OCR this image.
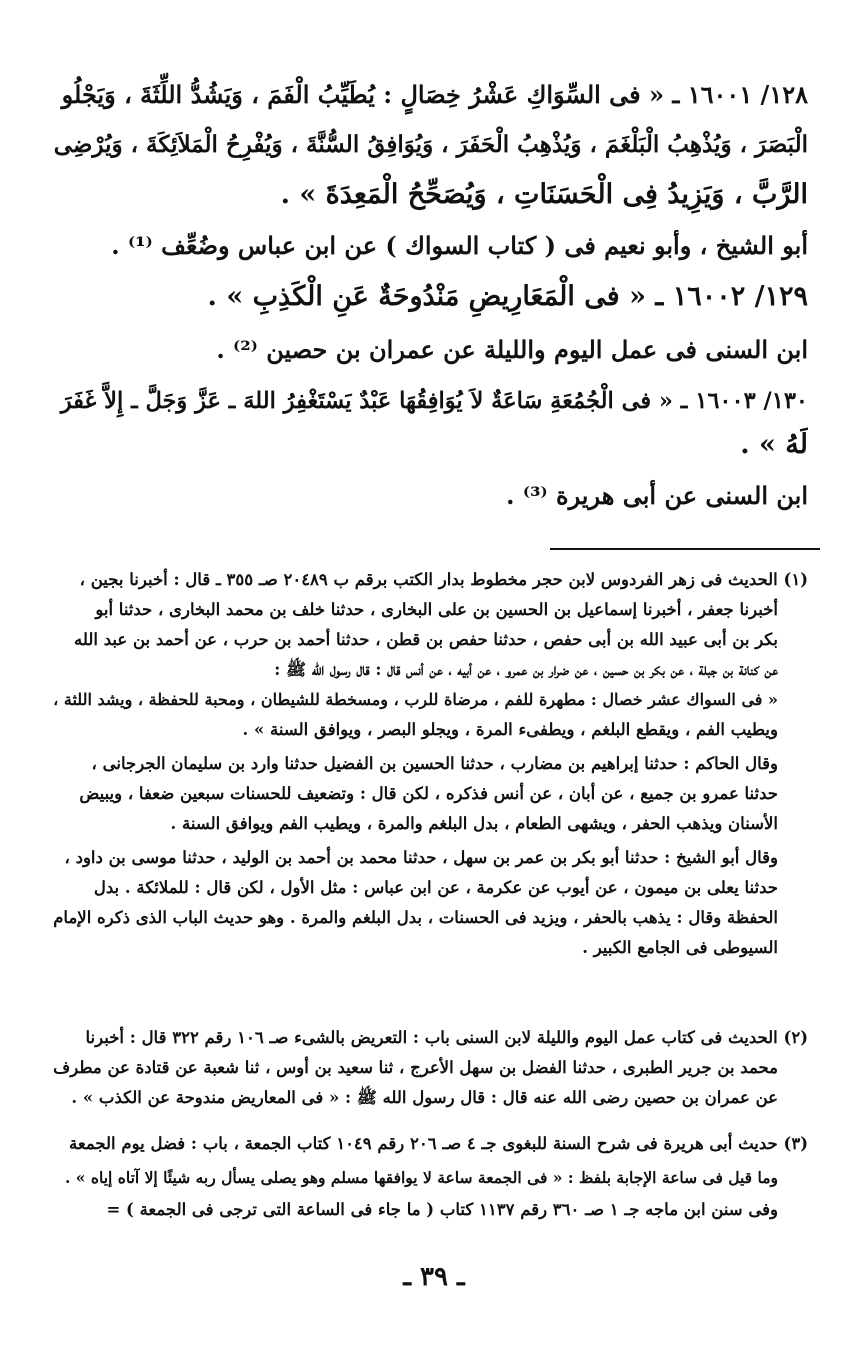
١٢٨/ ١٦٠٠١ ـ « فى السِّوَاكِ عَشْرُ خِصَالٍ : يُطَيِّبُ الْفَمَ ، وَيَشُدُّ اللِّثَةَ ، وَيَجْلُو
الْبَصَرَ ، وَيُذْهِبُ الْبَلْغَمَ ، وَيُذْهِبُ الْحَفَرَ ، وَيُوَافِقُ السُّنَّةَ ، وَيُفْرِحُ الْمَلاَئِكَةَ ، وَيُرْضِى
الرَّبَّ ، وَيَزِيدُ فِى الْحَسَنَاتِ ، وَيُصَحِّحُ الْمَعِدَةَ » .
أبو الشيخ ، وأبو نعيم فى ( كتاب السواك ) عن ابن عباس وضُعِّف ⁽¹⁾ .
١٢٩/ ١٦٠٠٢ ـ « فى الْمَعَارِيضِ مَنْدُوحَةٌ عَنِ الْكَذِبِ » .
ابن السنى فى عمل اليوم والليلة عن عمران بن حصين ⁽²⁾ .
١٣٠/ ١٦٠٠٣ ـ « فى الْجُمُعَةِ سَاعَةٌ لاَ يُوَافِقُهَا عَبْدٌ يَسْتَغْفِرُ اللهَ ـ عَزَّ وَجَلَّ ـ إِلاَّ غَفَرَ
لَهُ » .
ابن السنى عن أبى هريرة ⁽³⁾ .
(١) الحديث فى زهر الفردوس لابن حجر مخطوط بدار الكتب برقم ب ٢٠٤٨٩ صـ ٣٥٥ ـ قال : أخبرنا بجين ،
أخبرنا جعفر ، أخبرنا إسماعيل بن الحسين بن على البخارى ، حدثنا خلف بن محمد البخارى ، حدثنا أبو
بكر بن أبى عبيد الله بن أبى حفص ، حدثنا حفص بن قطن ، حدثنا أحمد بن حرب ، عن أحمد بن عبد الله
عن كنانة بن جبلة ، عن بكر بن حسين ، عن ضرار بن عمرو ، عن أبيه ، عن أنس قال : قال رسول الله ﷺ :
« فى السواك عشر خصال : مطهرة للفم ، مرضاة للرب ، ومسخطة للشيطان ، ومحبة للحفظة ، ويشد اللثة ،
ويطيب الفم ، ويقطع البلغم ، ويطفىء المرة ، ويجلو البصر ، ويوافق السنة » .
وقال الحاكم : حدثنا إبراهيم بن مضارب ، حدثنا الحسين بن الفضيل حدثنا وارد بن سليمان الجرجانى ،
حدثنا عمرو بن جميع ، عن أبان ، عن أنس فذكره ، لكن قال : وتضعيف للحسنات سبعين ضعفا ، ويبيض
الأسنان ويذهب الحفر ، ويشهى الطعام ، بدل البلغم والمرة ، ويطيب الفم ويوافق السنة .
وقال أبو الشيخ : حدثنا أبو بكر بن عمر بن سهل ، حدثنا محمد بن أحمد بن الوليد ، حدثنا موسى بن داود ،
حدثنا يعلى بن ميمون ، عن أيوب عن عكرمة ، عن ابن عباس : مثل الأول ، لكن قال : للملائكة . بدل
الحفظة وقال : يذهب بالحفر ، ويزيد فى الحسنات ، بدل البلغم والمرة . وهو حديث الباب الذى ذكره الإمام
السيوطى فى الجامع الكبير .
(٢) الحديث فى كتاب عمل اليوم والليلة لابن السنى باب : التعريض بالشىء صـ ١٠٦ رقم ٣٢٢ قال : أخبرنا
محمد بن جرير الطبرى ، حدثنا الفضل بن سهل الأعرج ، ثنا سعيد بن أوس ، ثنا شعبة عن قتادة عن مطرف
عن عمران بن حصين رضى الله عنه قال : قال رسول الله ﷺ : « فى المعاريض مندوحة عن الكذب » .
(٣) حديث أبى هريرة فى شرح السنة للبغوى جـ ٤ صـ ٢٠٦ رقم ١٠٤٩ كتاب الجمعة ، باب : فضل يوم الجمعة
وما قيل فى ساعة الإجابة بلفظ : « فى الجمعة ساعة لا يوافقها مسلم وهو يصلى يسأل ربه شيئًا إلا آتاه إياه » .
وفى سنن ابن ماجه جـ ١ صـ ٣٦٠ رقم ١١٣٧ كتاب ( ما جاء فى الساعة التى ترجى فى الجمعة ) =
ـ ٣٩ ـ
